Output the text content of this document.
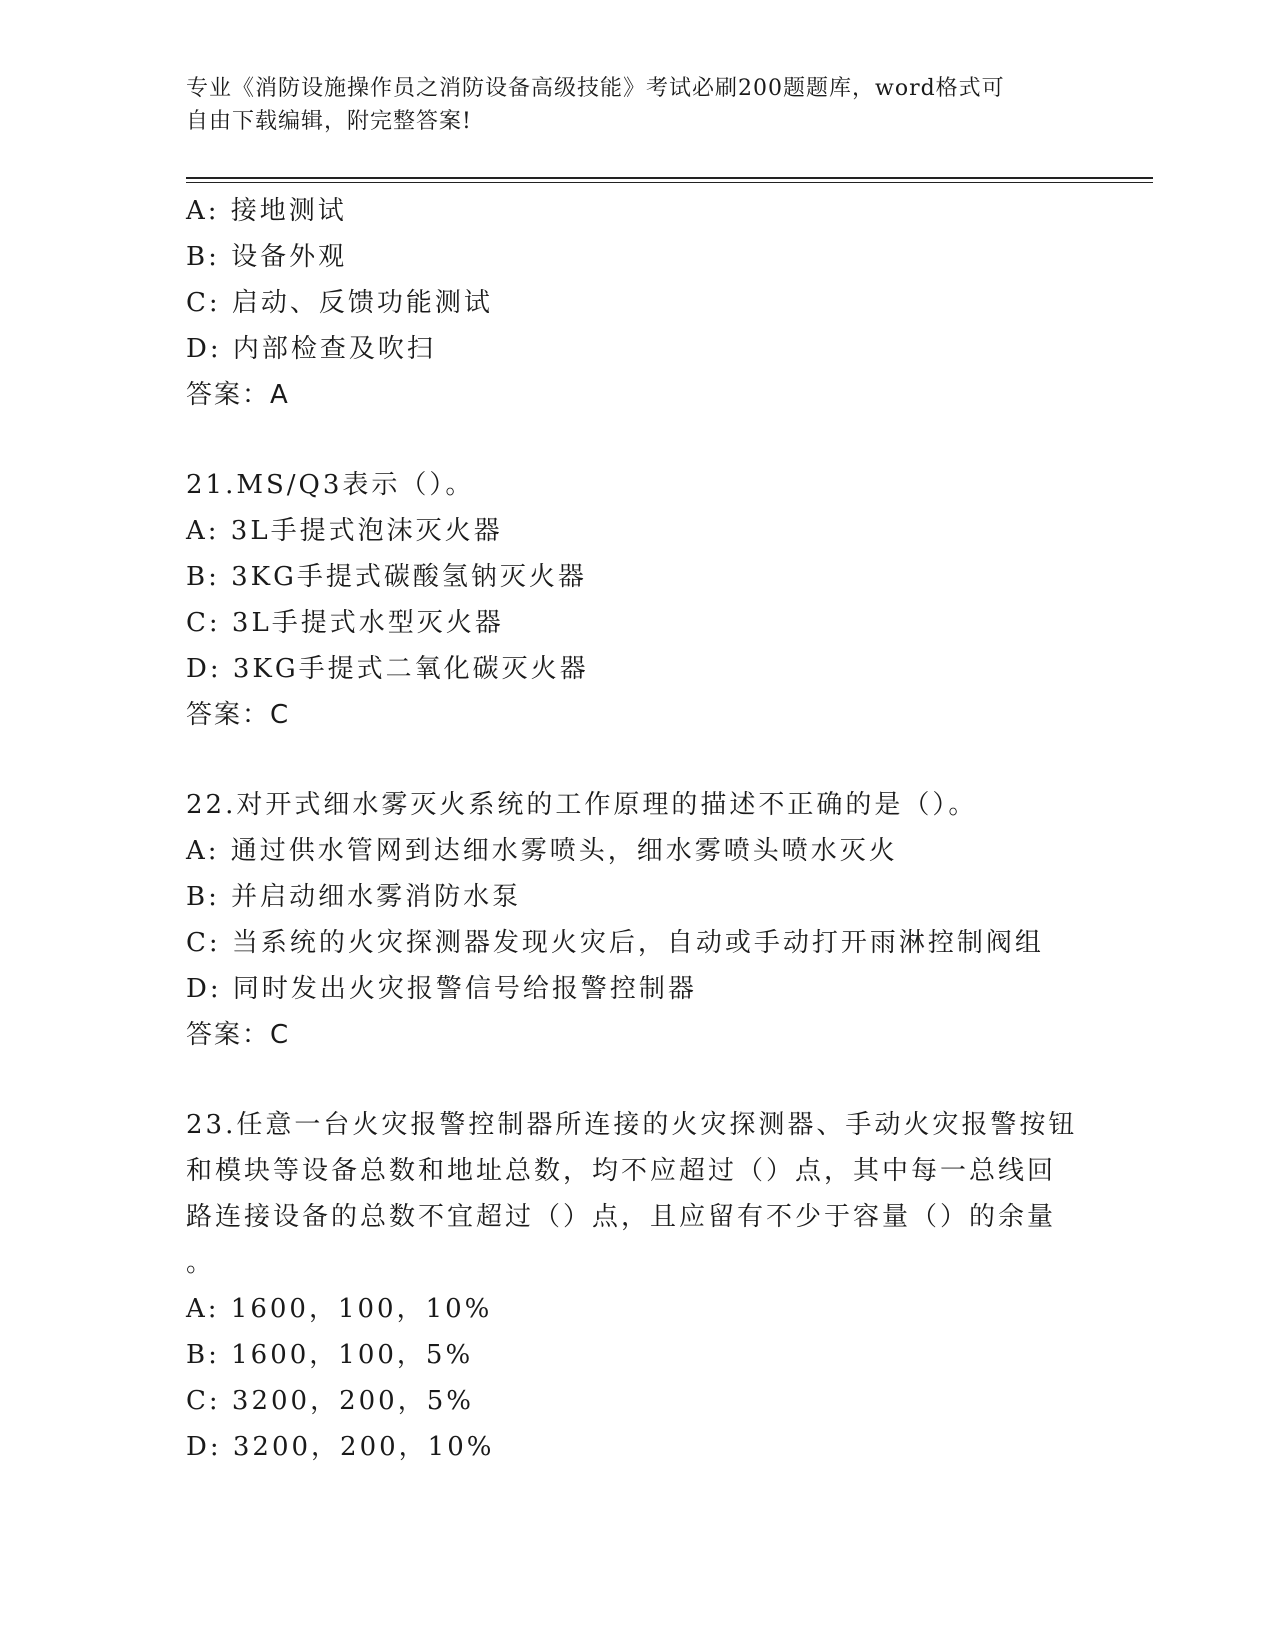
专业《消防设施操作员之消防设备高级技能》考试必刷200题题库，word格式可
自由下载编辑，附完整答案!
A: 接地测试
B: 设备外观
C: 启动、反馈功能测试
D: 内部检查及吹扫
答案：A
21.MS/Q3表示（）。
A: 3L手提式泡沫灭火器
B: 3KG手提式碳酸氢钠灭火器
C: 3L手提式水型灭火器
D: 3KG手提式二氧化碳灭火器
答案：C
22.对开式细水雾灭火系统的工作原理的描述不正确的是（）。
A: 通过供水管网到达细水雾喷头，细水雾喷头喷水灭火
B: 并启动细水雾消防水泵
C: 当系统的火灾探测器发现火灾后，自动或手动打开雨淋控制阀组
D: 同时发出火灾报警信号给报警控制器
答案：C
23.任意一台火灾报警控制器所连接的火灾探测器、手动火灾报警按钮
和模块等设备总数和地址总数，均不应超过（）点，其中每一总线回
路连接设备的总数不宜超过（）点，且应留有不少于容量（）的余量
。
A: 1600，100，10%
B: 1600，100，5%
C: 3200，200，5%
D: 3200，200，10%
